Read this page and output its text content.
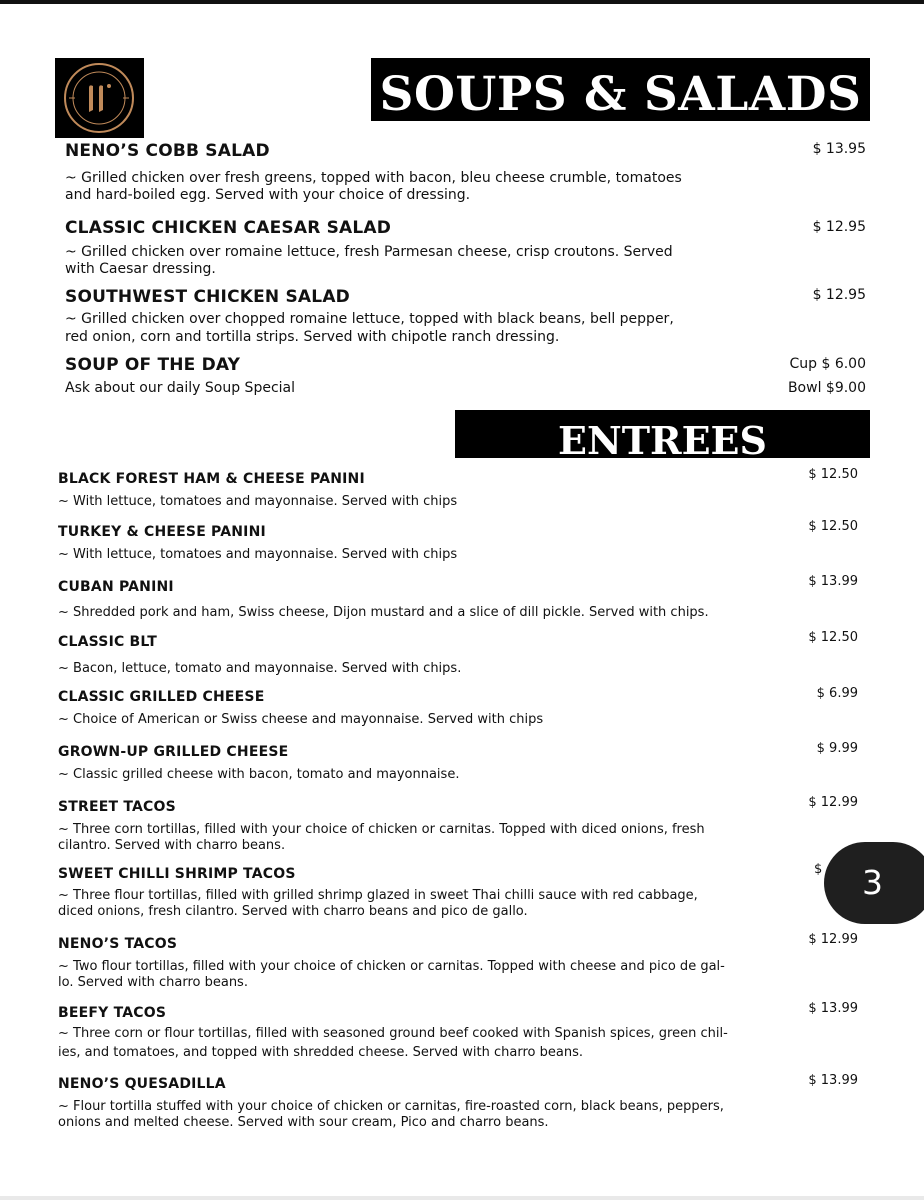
SOUPS & SALADS
NENO’S COBB SALAD
~ Grilled chicken over fresh greens, topped with bacon, bleu cheese crumble, tomatoes
and hard-boiled egg. Served with your choice of dressing.
$ 13.95
CLASSIC CHICKEN CAESAR SALAD
~ Grilled chicken over romaine lettuce, fresh Parmesan cheese, crisp croutons. Served
with Caesar dressing.
$ 12.95
SOUTHWEST CHICKEN SALAD
~ Grilled chicken over chopped romaine lettuce, topped with black beans, bell pepper,
red onion, corn and tortilla strips. Served with chipotle ranch dressing.
$ 12.95
SOUP OF THE DAY
Ask about our daily Soup Special
Cup $ 6.00
Bowl $9.00
ENTREES
BLACK FOREST HAM & CHEESE PANINI
~ With lettuce, tomatoes and mayonnaise. Served with chips
$ 12.50
TURKEY & CHEESE PANINI
~ With lettuce, tomatoes and mayonnaise. Served with chips
$ 12.50
CUBAN PANINI
~ Shredded pork and ham, Swiss cheese, Dijon mustard and a slice of dill pickle. Served with chips.
$ 13.99
CLASSIC BLT
~ Bacon, lettuce, tomato and mayonnaise. Served with chips.
$ 12.50
CLASSIC GRILLED CHEESE
~ Choice of American or Swiss cheese and mayonnaise. Served with chips
$ 6.99
GROWN-UP GRILLED CHEESE
~ Classic grilled cheese with bacon, tomato and mayonnaise.
$ 9.99
STREET TACOS
~ Three corn tortillas, filled with your choice of chicken or carnitas. Topped with diced onions, fresh
cilantro. Served with charro beans.
$ 12.99
SWEET CHILLI SHRIMP TACOS
~ Three flour tortillas, filled with grilled shrimp glazed in sweet Thai chilli sauce with red cabbage,
diced onions, fresh cilantro. Served with charro beans and pico de gallo.
$
NENO’S TACOS
~ Two flour tortillas, filled with your choice of chicken or carnitas. Topped with cheese and pico de gal-
lo. Served with charro beans.
$ 12.99
BEEFY TACOS
~ Three corn or flour tortillas, filled with seasoned ground beef cooked with Spanish spices, green chil-
ies, and tomatoes, and topped with shredded cheese. Served with charro beans.
$ 13.99
NENO’S QUESADILLA
~ Flour tortilla stuffed with your choice of chicken or carnitas, fire-roasted corn, black beans, peppers,
onions and melted cheese. Served with sour cream, Pico and charro beans.
$ 13.99
3
